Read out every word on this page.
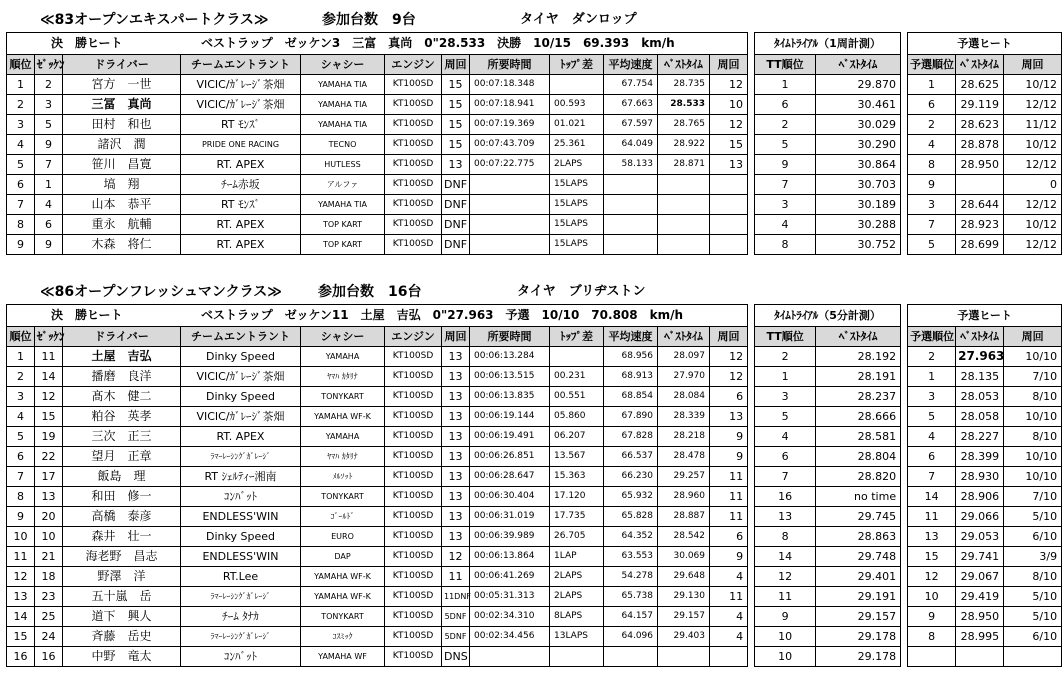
≪83オープンエキスパートクラス≫	参加台数　9台	タイヤ　ダンロップ
決　勝ヒート ベストラップ　ゼッケン3　三富　真尚　0"28.533　決勝　10/15　69.393　km/h													ﾀｲﾑﾄﾗｲｱﾙ（1周計測）			予選ヒート		
順位	ｾﾞｯｹﾝ	ドライバー	チームエントラント	シャシー	エンジン	周回	所要時間	ﾄｯﾌﾟ差	平均速度	ﾍﾞｽﾄﾀｲﾑ	周回		TT順位	ﾍﾞｽﾄﾀｲﾑ		予選順位	ﾍﾞｽﾄﾀｲﾑ	周回
1	2	宮方　一世	VICIC/ｶﾞﾚｰｼﾞ茶畑	YAMAHA TIA	KT100SD	15	00:07:18.348		67.754	28.735	12		1	29.870		1	28.625	10/12
2	3	三冨　真尚	VICIC/ｶﾞﾚｰｼﾞ茶畑	YAMAHA TIA	KT100SD	15	00:07:18.941	00.593	67.663	28.533	10		6	30.461		6	29.119	12/12
3	5	田村　和也	RT ﾓﾝｽﾞ	YAMAHA TIA	KT100SD	15	00:07:19.369	01.021	67.597	28.765	12		2	30.029		2	28.623	11/12
4	9	諸沢　潤	PRIDE ONE RACING	TECNO	KT100SD	15	00:07:43.709	25.361	64.049	28.922	15		5	30.290		4	28.878	10/12
5	7	笹川　昌寛	RT. APEX	HUTLESS	KT100SD	13	00:07:22.775	2LAPS	58.133	28.871	13		9	30.864		8	28.950	12/12
6	1	塙　翔	ﾁｰﾑ赤坂	アルファ	KT100SD	DNF		15LAPS					7	30.703		9		0
7	4	山本　恭平	RT ﾓﾝｽﾞ	YAMAHA TIA	KT100SD	DNF		15LAPS					3	30.189		3	28.644	12/12
8	6	重永　航輔	RT. APEX	TOP KART	KT100SD	DNF		15LAPS					4	30.288		7	28.923	10/12
9	9	木森　将仁	RT. APEX	TOP KART	KT100SD	DNF		15LAPS					8	30.752		5	28.699	12/12
≪86オープンフレッシュマンクラス≫	参加台数　16台	タイヤ　ブリヂストン
決　勝ヒート ベストラップ　ゼッケン11　土屋　吉弘　0"27.963　予選　10/10　70.808　km/h													ﾀｲﾑﾄﾗｲｱﾙ（5分計測）			予選ヒート		
順位	ｾﾞｯｹﾝ	ドライバー	チームエントラント	シャシー	エンジン	周回	所要時間	ﾄｯﾌﾟ差	平均速度	ﾍﾞｽﾄﾀｲﾑ	周回		TT順位	ﾍﾞｽﾄﾀｲﾑ		予選順位	ﾍﾞｽﾄﾀｲﾑ	周回
1	11	土屋　吉弘	Dinky Speed	YAMAHA	KT100SD	13	00:06:13.284		68.956	28.097	12		2	28.192		2	27.963	10/10
2	14	播磨　良洋	VICIC/ｶﾞﾚｰｼﾞ茶畑	ﾔﾏﾊ ｶﾀﾘﾅ	KT100SD	13	00:06:13.515	00.231	68.913	27.970	12		1	28.191		1	28.135	7/10
3	12	髙木　健二	Dinky Speed	TONYKART	KT100SD	13	00:06:13.835	00.551	68.854	28.084	6		3	28.237		3	28.053	8/10
4	15	粕谷　英孝	VICIC/ｶﾞﾚｰｼﾞ茶畑	YAMAHA WF-K	KT100SD	13	00:06:19.144	05.860	67.890	28.339	13		5	28.666		5	28.058	10/10
5	19	三次　正三	RT. APEX	YAMAHA	KT100SD	13	00:06:19.491	06.207	67.828	28.218	9		4	28.581		4	28.227	8/10
6	22	望月　正章	ﾗﾏｰﾚｰｼﾝｸﾞｶﾞﾚｰｼﾞ	ﾔﾏﾊ ｶﾀﾘﾅ	KT100SD	13	00:06:26.851	13.567	66.537	28.478	9		6	28.804		6	28.399	10/10
7	17	飯島　理	RT ｼｪﾙﾃｨｰ湘南	ﾒﾙｿｯﾄ	KT100SD	13	00:06:28.647	15.363	66.230	29.257	11		7	28.820		7	28.930	10/10
8	13	和田　修一	ｺﾝﾊﾞｯﾄ	TONYKART	KT100SD	13	00:06:30.404	17.120	65.932	28.960	11		16	no time		14	28.906	7/10
9	20	高橋　泰彦	ENDLESS'WIN	ｺﾞｰﾙﾄﾞ	KT100SD	13	00:06:31.019	17.735	65.828	28.887	11		13	29.745		11	29.066	5/10
10	10	森井　壮一	Dinky Speed	EURO	KT100SD	13	00:06:39.989	26.705	64.352	28.542	6		8	28.863		13	29.053	6/10
11	21	海老野　昌志	ENDLESS'WIN	DAP	KT100SD	12	00:06:13.864	1LAP	63.553	30.069	9		14	29.748		15	29.741	3/9
12	18	野澤　洋	RT.Lee	YAMAHA WF-K	KT100SD	11	00:06:41.269	2LAPS	54.278	29.648	4		12	29.401		12	29.067	8/10
13	23	五十嵐　岳	ﾗﾏｰﾚｰｼﾝｸﾞｶﾞﾚｰｼﾞ	YAMAHA WF-K	KT100SD	11DNF	00:05:31.313	2LAPS	65.738	29.130	11		11	29.191		10	29.419	5/10
14	25	道下　興人	ﾁｰﾑ ﾀﾅｶ	TONYKART	KT100SD	5DNF	00:02:34.310	8LAPS	64.157	29.157	4		9	29.157		9	28.950	5/10
15	24	斉藤　岳史	ﾗﾏｰﾚｰｼﾝｸﾞｶﾞﾚｰｼﾞ	ｺｽﾐｯｸ	KT100SD	5DNF	00:02:34.456	13LAPS	64.096	29.403	4		10	29.178		8	28.995	6/10
16	16	中野　竜太	ｺﾝﾊﾞｯﾄ	YAMAHA WF	KT100SD	DNS							10	29.178				
